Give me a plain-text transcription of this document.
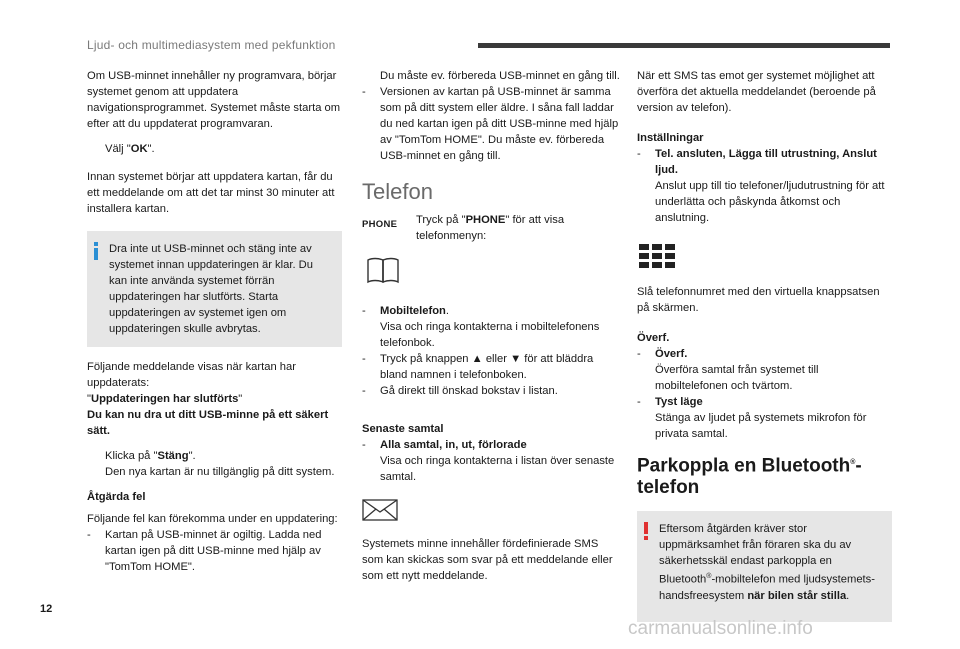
Ljud- och multimediasystem med pekfunktion

Om USB-minnet innehåller ny programvara, börjar systemet genom att uppdatera navigationsprogrammet. Systemet måste starta om efter att du uppdaterat programvaran.

Välj "OK".

Innan systemet börjar att uppdatera kartan, får du ett meddelande om att det tar minst 30 minuter att installera kartan.

Dra inte ut USB-minnet och stäng inte av systemet innan uppdateringen är klar. Du kan inte använda systemet förrän uppdateringen har slutförts. Starta uppdateringen av systemet igen om uppdateringen skulle avbrytas.

Följande meddelande visas när kartan har uppdaterats:

"Uppdateringen har slutförts"
Du kan nu dra ut ditt USB-minne på ett säkert sätt.
Klicka på "Stäng".
Den nya kartan är nu tillgänglig på ditt system.
Åtgärda fel
Följande fel kan förekomma under en uppdatering:
-	Kartan på USB-minnet är ogiltig. Ladda ned kartan igen på ditt USB-minne med hjälp av "TomTom HOME".
Du måste ev. förbereda USB-minnet en gång till.
-	Versionen av kartan på USB-minnet är samma som på ditt system eller äldre. I såna fall laddar du ned kartan igen på ditt USB-minne med hjälp av "TomTom HOME". Du måste ev. förbereda USB-minnet en gång till.
Telefon
PHONE	Tryck på "PHONE" för att visa telefonmenyn:
-	Mobiltelefon.
Visa och ringa kontakterna i mobiltelefonens telefonbok.
-	Tryck på knappen ▲ eller ▼ för att bläddra bland namnen i telefonboken.
-	Gå direkt till önskad bokstav i listan.
Senaste samtal
-	Alla samtal, in, ut, förlorade
Visa och ringa kontakterna i listan över senaste samtal.
Systemets minne innehåller fördefinierade SMS som kan skickas som svar på ett meddelande eller som ett nytt meddelande.

När ett SMS tas emot ger systemet möjlighet att överföra det aktuella meddelandet (beroende på version av telefon).

Inställningar
-	Tel. ansluten, Lägga till utrustning, Anslut ljud.
Anslut upp till tio telefoner/ljudutrustning för att underlätta och påskynda åtkomst och anslutning.

Slå telefonnumret med den virtuella knappsatsen på skärmen.

Överf.
-	Överf.
Överföra samtal från systemet till mobiltelefonen och tvärtom.
-	Tyst läge
Stänga av ljudet på systemets mikrofon för privata samtal.
Parkoppla en Bluetooth®-telefon
Eftersom åtgärden kräver stor uppmärksamhet från föraren ska du av säkerhetsskäl endast parkoppla en Bluetooth®-mobiltelefon med ljudsystemets-handsfreesystem när bilen står stilla.
12
carmanualsonline.info
